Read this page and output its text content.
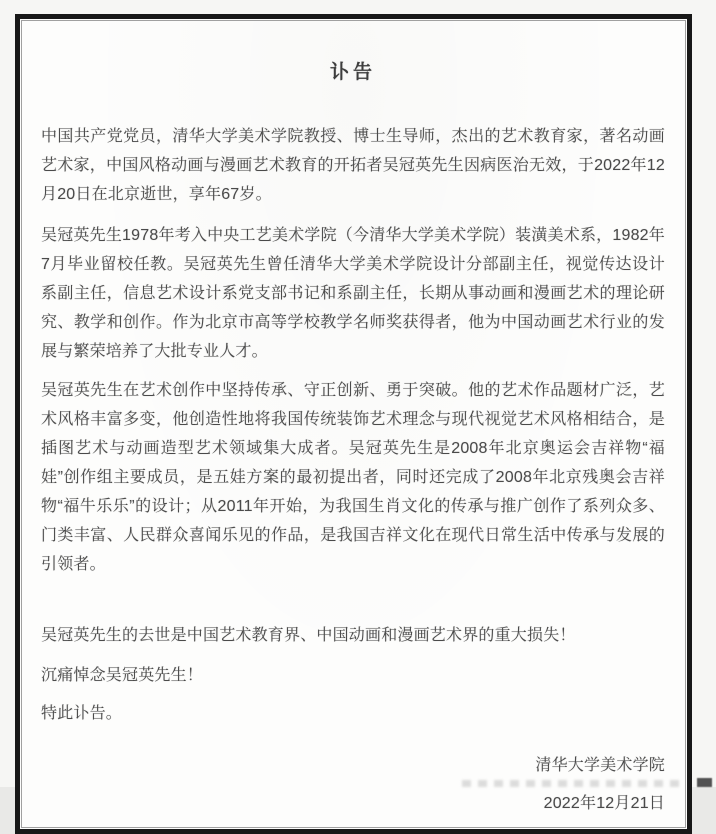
讣告

中国共产党党员，清华大学美术学院教授、博士生导师，杰出的艺术教育家，著名动画艺术家，中国风格动画与漫画艺术教育的开拓者吴冠英先生因病医治无效，于2022年12月20日在北京逝世，享年67岁。

吴冠英先生1978年考入中央工艺美术学院（今清华大学美术学院）装潢美术系，1982年7月毕业留校任教。吴冠英先生曾任清华大学美术学院设计分部副主任，视觉传达设计系副主任，信息艺术设计系党支部书记和系副主任，长期从事动画和漫画艺术的理论研究、教学和创作。作为北京市高等学校教学名师奖获得者，他为中国动画艺术行业的发展与繁荣培养了大批专业人才。

吴冠英先生在艺术创作中坚持传承、守正创新、勇于突破。他的艺术作品题材广泛，艺术风格丰富多变，他创造性地将我国传统装饰艺术理念与现代视觉艺术风格相结合，是插图艺术与动画造型艺术领域集大成者。吴冠英先生是2008年北京奥运会吉祥物“福娃”创作组主要成员，是五娃方案的最初提出者，同时还完成了2008年北京残奥会吉祥物“福牛乐乐”的设计；从2011年开始，为我国生肖文化的传承与推广创作了系列众多、门类丰富、人民群众喜闻乐见的作品，是我国吉祥文化在现代日常生活中传承与发展的引领者。

吴冠英先生的去世是中国艺术教育界、中国动画和漫画艺术界的重大损失！

沉痛悼念吴冠英先生！

特此讣告。

清华大学美术学院

2022年12月21日
